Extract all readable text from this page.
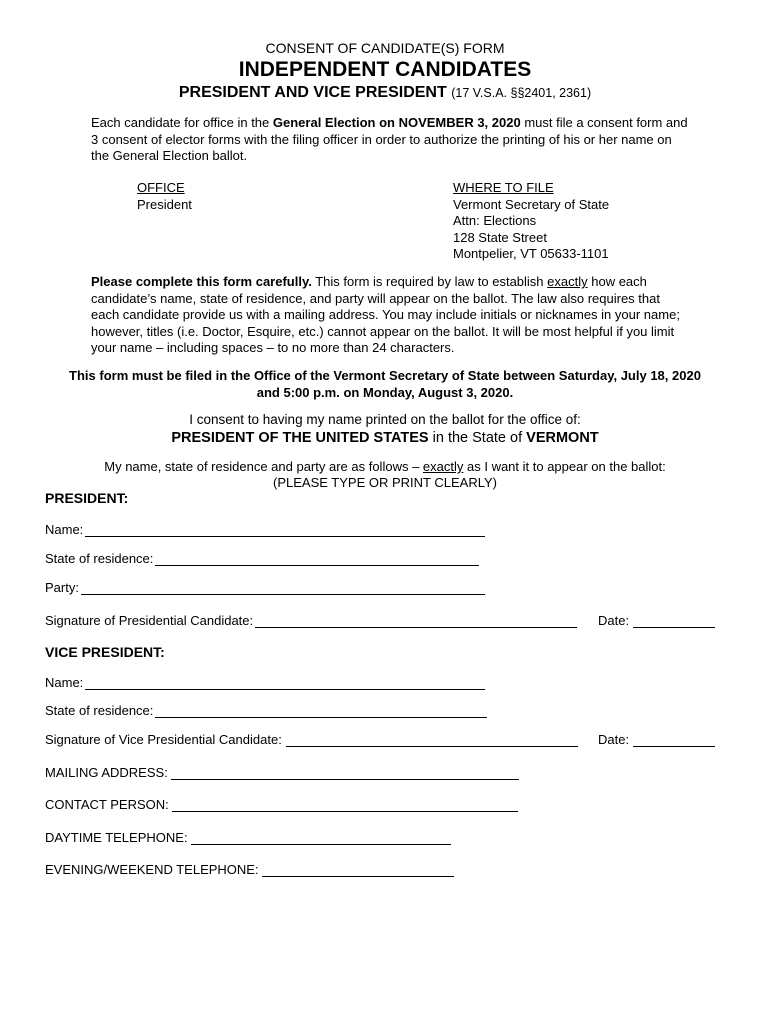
CONSENT OF CANDIDATE(S) FORM
INDEPENDENT CANDIDATES
PRESIDENT AND VICE PRESIDENT (17 V.S.A. §§2401, 2361)
Each candidate for office in the General Election on NOVEMBER 3, 2020 must file a consent form and 3 consent of elector forms with the filing officer in order to authorize the printing of his or her name on the General Election ballot.
OFFICE
President
WHERE TO FILE
Vermont Secretary of State
Attn: Elections
128 State Street
Montpelier, VT 05633-1101
Please complete this form carefully. This form is required by law to establish exactly how each candidate’s name, state of residence, and party will appear on the ballot. The law also requires that each candidate provide us with a mailing address. You may include initials or nicknames in your name; however, titles (i.e. Doctor, Esquire, etc.) cannot appear on the ballot. It will be most helpful if you limit your name – including spaces – to no more than 24 characters.
This form must be filed in the Office of the Vermont Secretary of State between Saturday, July 18, 2020
and 5:00 p.m. on Monday, August 3, 2020.
I consent to having my name printed on the ballot for the office of:
PRESIDENT OF THE UNITED STATES in the State of VERMONT
My name, state of residence and party are as follows – exactly as I want it to appear on the ballot:
(PLEASE TYPE OR PRINT CLEARLY)
PRESIDENT:
Name:
State of residence:
Party:
Signature of Presidential Candidate:	Date:
VICE PRESIDENT:
Name:
State of residence:
Signature of Vice Presidential Candidate:	Date:
MAILING ADDRESS:
CONTACT PERSON:
DAYTIME TELEPHONE:
EVENING/WEEKEND TELEPHONE:
